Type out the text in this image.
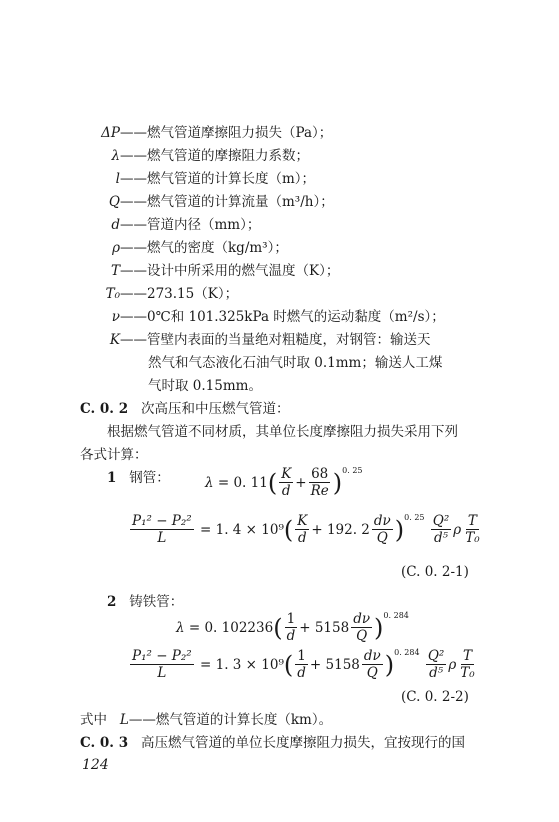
ΔP——燃气管道摩擦阻力损失（Pa）；
λ——燃气管道的摩擦阻力系数；
l——燃气管道的计算长度（m）；
Q——燃气管道的计算流量（m³/h）；
d——管道内径（mm）；
ρ——燃气的密度（kg/m³）；
T——设计中所采用的燃气温度（K）；
T₀——273.15（K）；
ν——0℃和 101.325kPa 时燃气的运动黏度（m²/s）；
K——管壁内表面的当量绝对粗糙度，对钢管：输送天
然气和气态液化石油气时取 0.1mm；输送人工煤
气时取 0.15mm。
C. 0. 2 次高压和中压燃气管道：
根据燃气管道不同材质，其单位长度摩擦阻力损失采用下列
各式计算：
1 钢管：	λ
=
0. 11 ( $\frac{K}{d} + \frac{68}{Re} )^{0. 25}$
$\frac{\text{P₁² − P₂²}}{L}$
=
1. 4 × 10⁹ ( $\frac{K}{d}$ +
192. $2 \frac{d\nu}{Q} )^{0. 25}$
$\frac{\text{Q²}}{\text{d⁵}}$ ρ $\frac{T}{\text{T₀}}$
(C. 0. 2-1)
2 铸铁管：
λ
=
0. 102236 ( $\frac{1}{d}$ +
$5158 \frac{d\nu}{Q} )^{0. 284}$
$\frac{\text{P₁² − P₂²}}{L}$
=
1. 3 × 10⁹ ( $\frac{1}{d}$ +
$5158 \frac{d\nu}{Q} )^{0. 284}$
$\frac{\text{Q²}}{\text{d⁵}}$ ρ $\frac{T}{\text{T₀}}$
(C. 0. 2-2)
式中 L——燃气管道的计算长度（km）。
C. 0. 3 高压燃气管道的单位长度摩擦阻力损失，宜按现行的国
124
